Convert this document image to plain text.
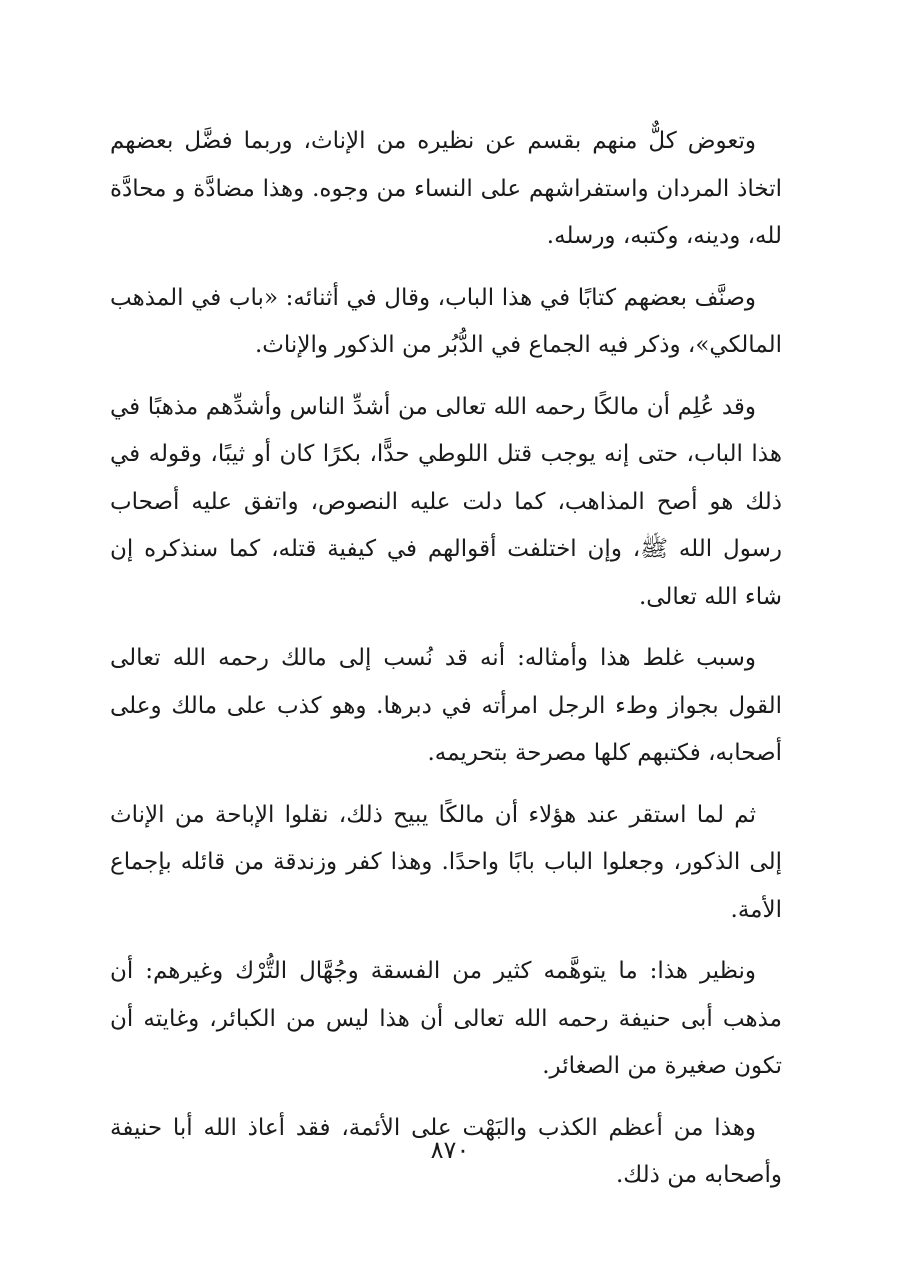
وتعوض كلٌّ منهم بقسم عن نظيره من الإناث، وربما فضَّل بعضهم اتخاذ المردان واستفراشهم على النساء من وجوه. وهذا مضادَّة و محادَّة لله، ودينه، وكتبه، ورسله.

وصنَّف بعضهم كتابًا في هذا الباب، وقال في أثنائه: «باب في المذهب المالكي»، وذكر فيه الجماع في الدُّبُر من الذكور والإناث.

وقد عُلِم أن مالكًا رحمه الله تعالى من أشدِّ الناس وأشدِّهم مذهبًا في هذا الباب، حتى إنه يوجب قتل اللوطي حدًّا، بكرًا كان أو ثيبًا، وقوله في ذلك هو أصح المذاهب، كما دلت عليه النصوص، واتفق عليه أصحاب رسول الله ﷺ، وإن اختلفت أقوالهم في كيفية قتله، كما سنذكره إن شاء الله تعالى.

وسبب غلط هذا وأمثاله: أنه قد نُسب إلى مالك رحمه الله تعالى القول بجواز وطء الرجل امرأته في دبرها. وهو كذب على مالك وعلى أصحابه، فكتبهم كلها مصرحة بتحريمه.

ثم لما استقر عند هؤلاء أن مالكًا يبيح ذلك، نقلوا الإباحة من الإناث إلى الذكور، وجعلوا الباب بابًا واحدًا. وهذا كفر وزندقة من قائله بإجماع الأمة.

ونظير هذا: ما يتوهَّمه كثير من الفسقة وجُهَّال التُّرْك وغيرهم: أن مذهب أبى حنيفة رحمه الله تعالى أن هذا ليس من الكبائر، وغايته أن تكون صغيرة من الصغائر.

وهذا من أعظم الكذب والبَهْت على الأئمة، فقد أعاذ الله أبا حنيفة وأصحابه من ذلك.

٨٧٠
